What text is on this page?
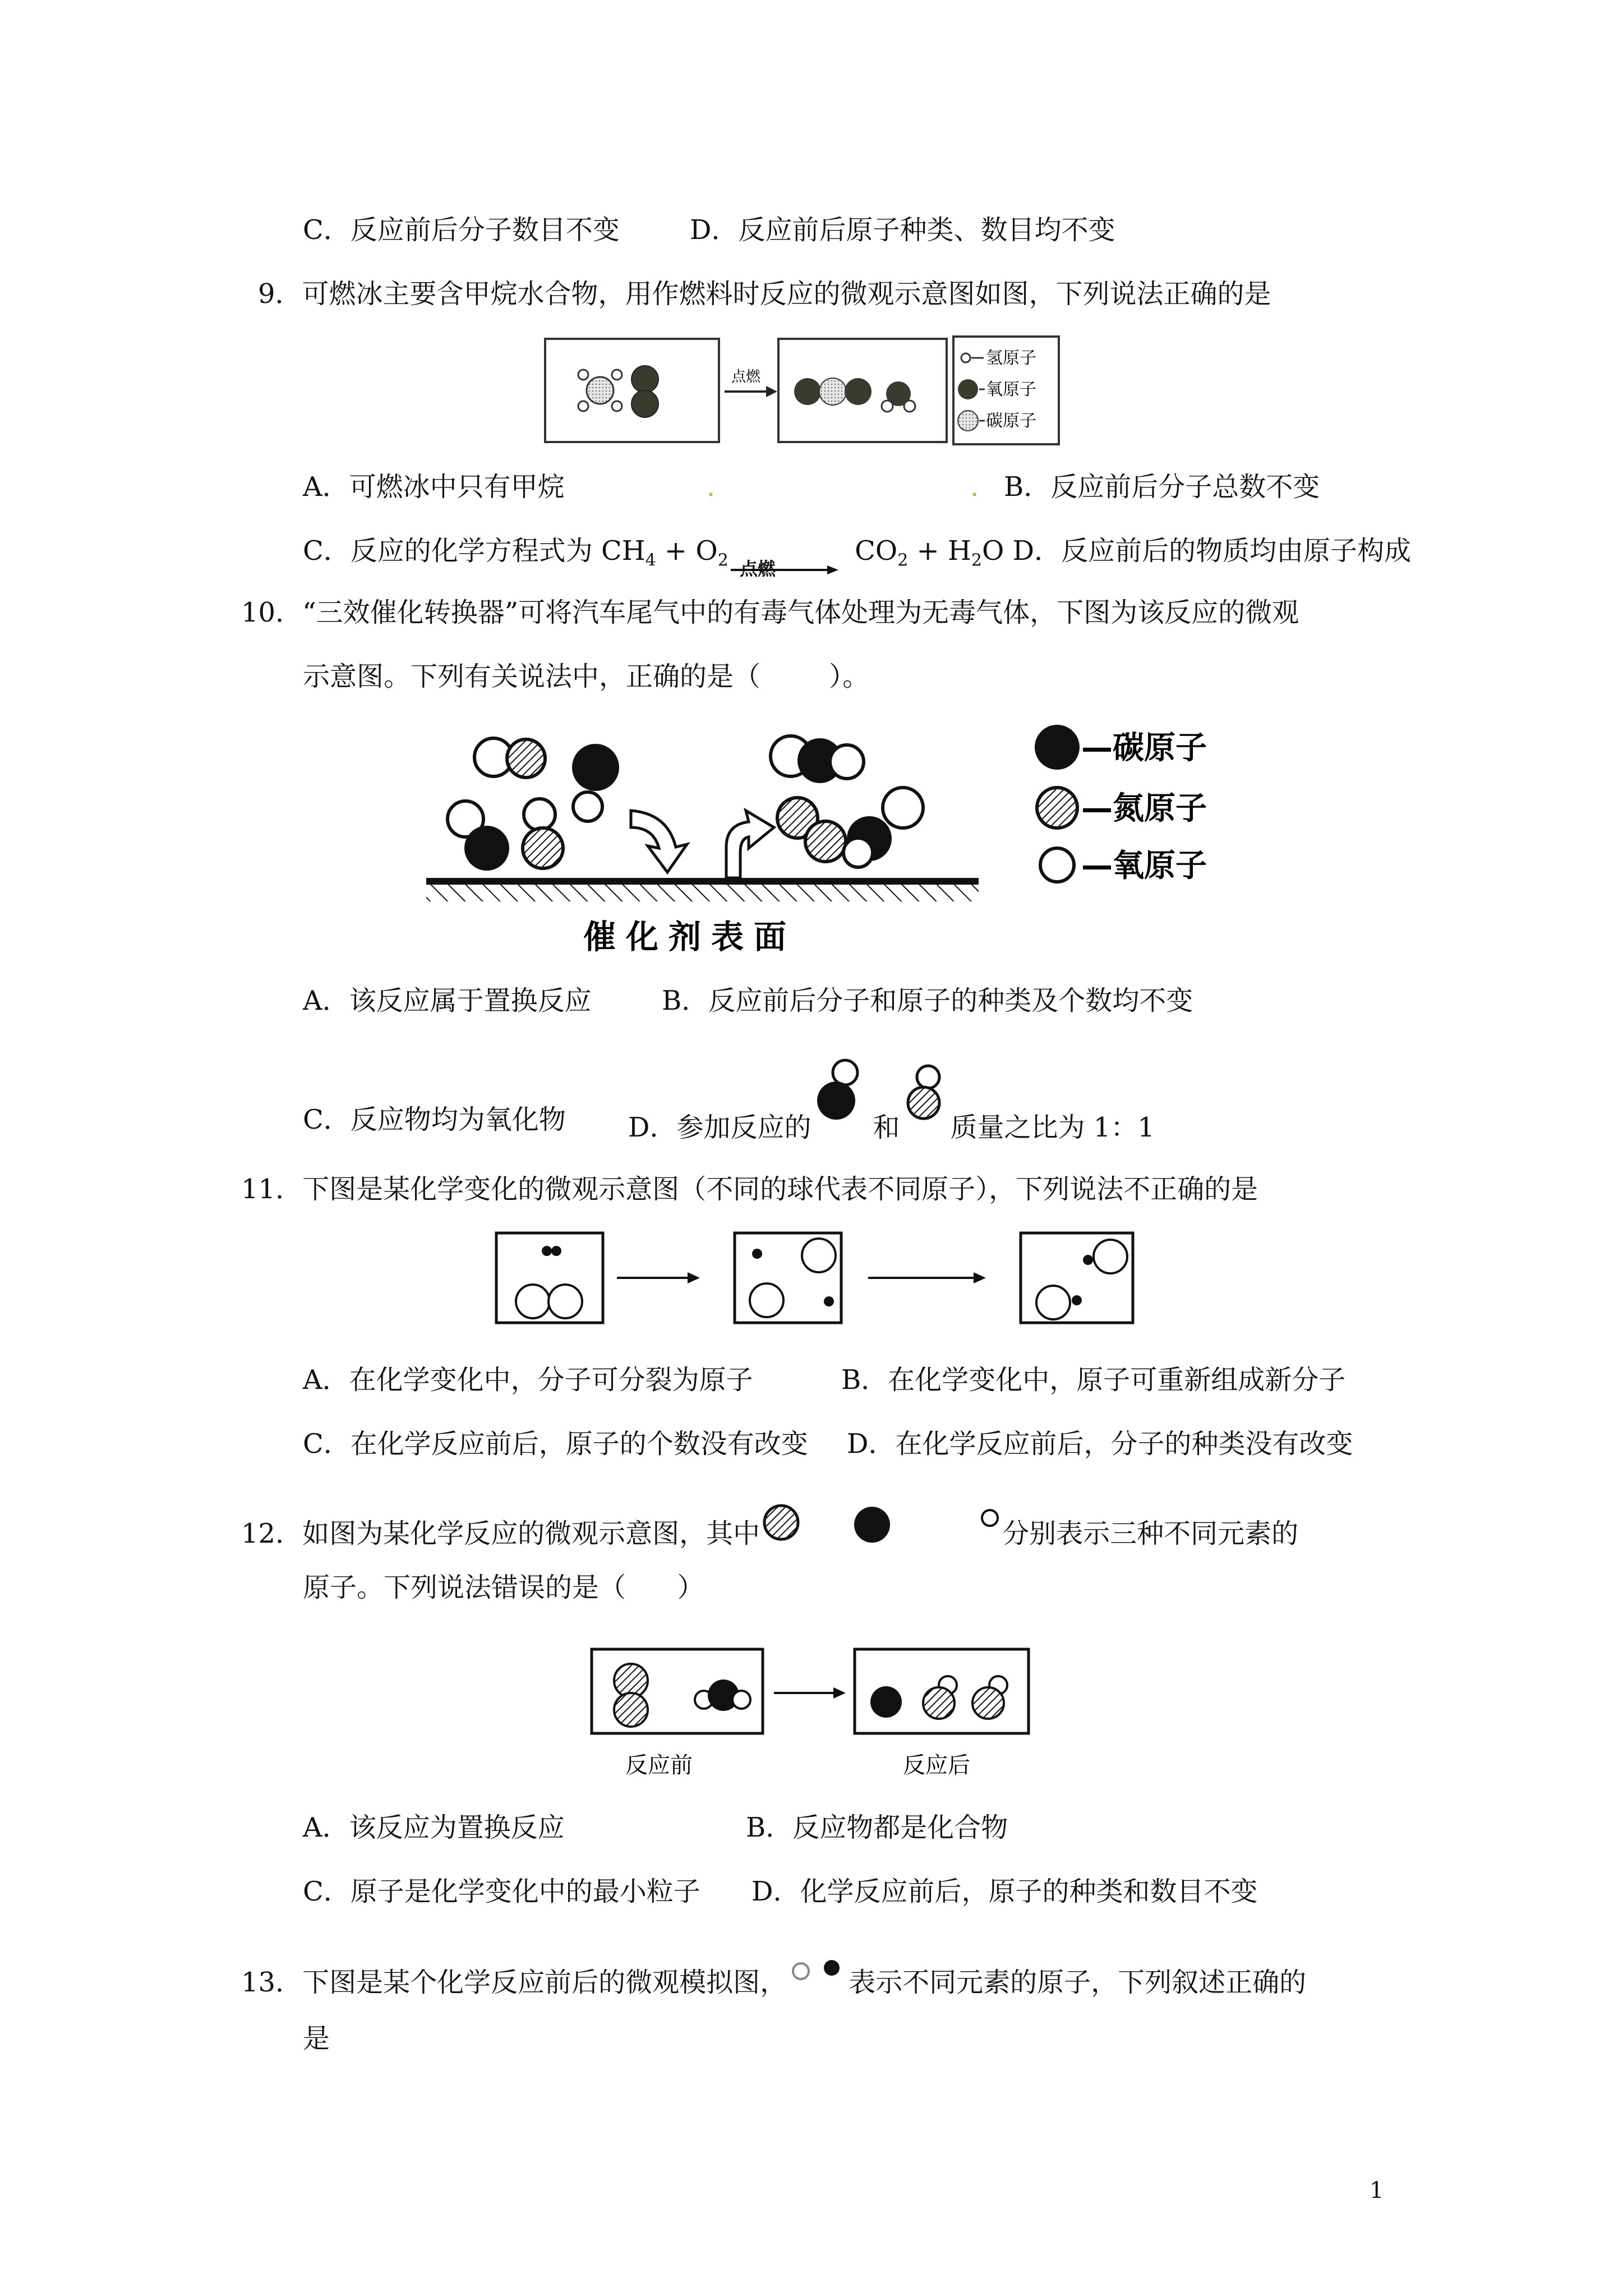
C．反应前后分子数目不变	D．反应前后原子种类、数目均不变
9．可燃冰主要含甲烷水合物，用作燃料时反应的微观示意图如图，下列说法正确的是
点燃
氢原子
氧原子
碳原子
A．可燃冰中只有甲烷	.	. B．反应前后分子总数不变
C．反应的化学方程式为 $CH_4 + O_2$ 点燃
$CO_2 + H_2O$ D．反应前后的物质均由原子构成
10．“三效催化转换器”可将汽车尾气中的有毒气体处理为无毒气体，下图为该反应的微观
示意图。下列有关说法中，正确的是（        ）。
催化剂表面
—碳原子
—氮原子
—氧原子
A．该反应属于置换反应	B．反应前后分子和原子的种类及个数均不变
C．反应物均为氧化物 D．参加反应的 和 质量之比为 1：1
11．下图是某化学变化的微观示意图（不同的球代表不同原子），下列说法不正确的是
A．在化学变化中，分子可分裂为原子	B．在化学变化中，原子可重新组成新分子
C．在化学反应前后，原子的个数没有改变 D．在化学反应前后，分子的种类没有改变
12．如图为某化学反应的微观示意图，其中	分别表示三种不同元素的
原子。下列说法错误的是（      ）
反应前	反应后
A．该反应为置换反应	B．反应物都是化合物
C．原子是化学变化中的最小粒子 D．化学反应前后，原子的种类和数目不变
13．下图是某个化学反应前后的微观模拟图， 表示不同元素的原子，下列叙述正确的
是
1
